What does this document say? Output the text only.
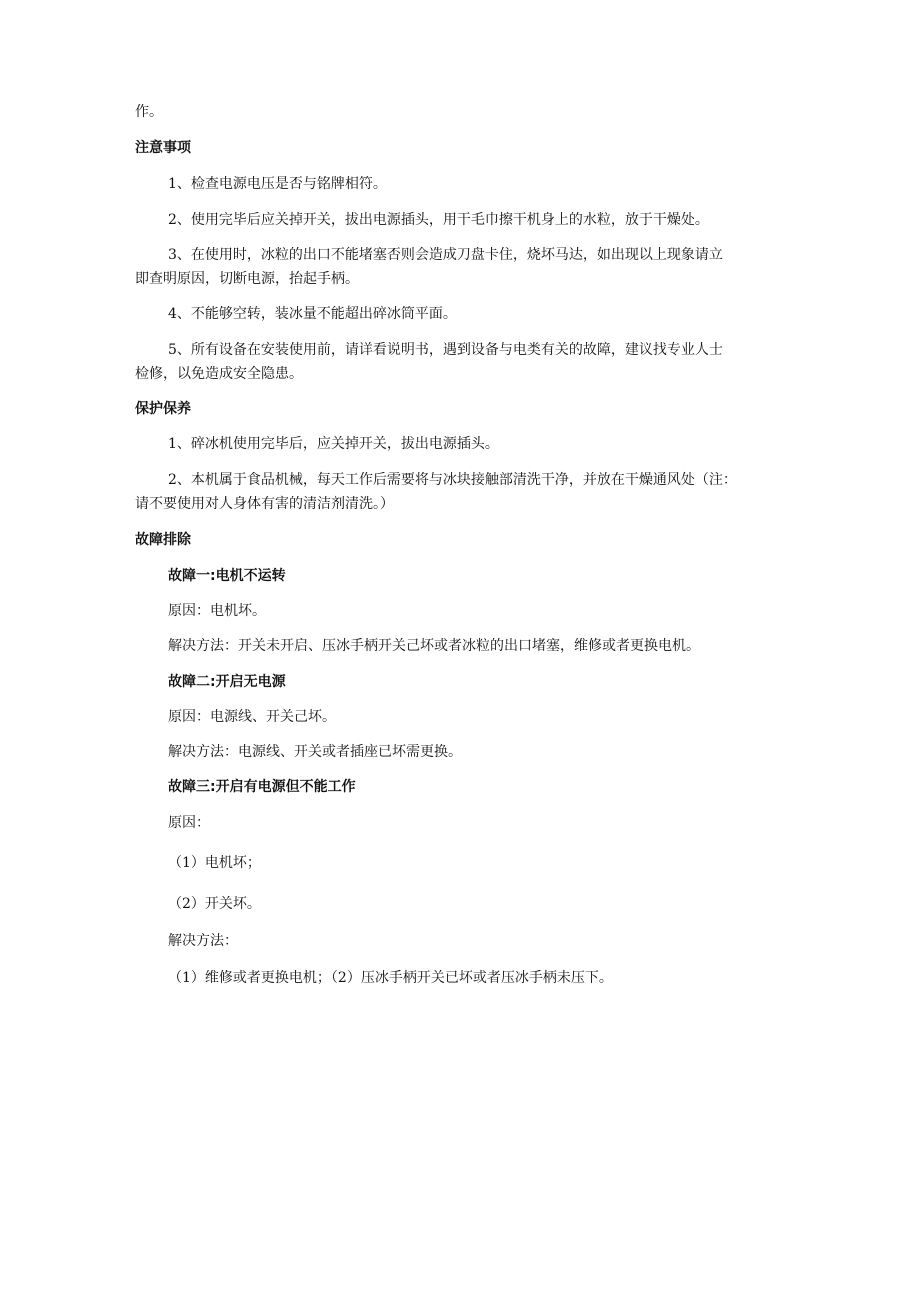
作。
注意事项
1、检查电源电压是否与铭牌相符。
2、使用完毕后应关掉开关，拔出电源插头，用干毛巾擦干机身上的水粒，放于干燥处。
3、在使用时，冰粒的出口不能堵塞否则会造成刀盘卡住，烧坏马达，如出现以上现象请立
即查明原因，切断电源，抬起手柄。
4、不能够空转，装冰量不能超出碎冰筒平面。
5、所有设备在安装使用前，请详看说明书，遇到设备与电类有关的故障，建议找专业人士
检修，以免造成安全隐患。
保护保养
1、碎冰机使用完毕后，应关掉开关，拔出电源插头。
2、本机属于食品机械，每天工作后需要将与冰块接触部清洗干净，并放在干燥通风处（注：
请不要使用对人身体有害的清洁剂清洗。）
故障排除
故障一:电机不运转
原因：电机坏。
解决方法：开关未开启、压冰手柄开关己坏或者冰粒的出口堵塞，维修或者更换电机。
故障二:开启无电源
原因：电源线、开关己坏。
解决方法：电源线、开关或者插座已坏需更换。
故障三:开启有电源但不能工作
原因：
（1）电机坏；
（2）开关坏。
解决方法：
（1）维修或者更换电机；（2）压冰手柄开关已坏或者压冰手柄未压下。
